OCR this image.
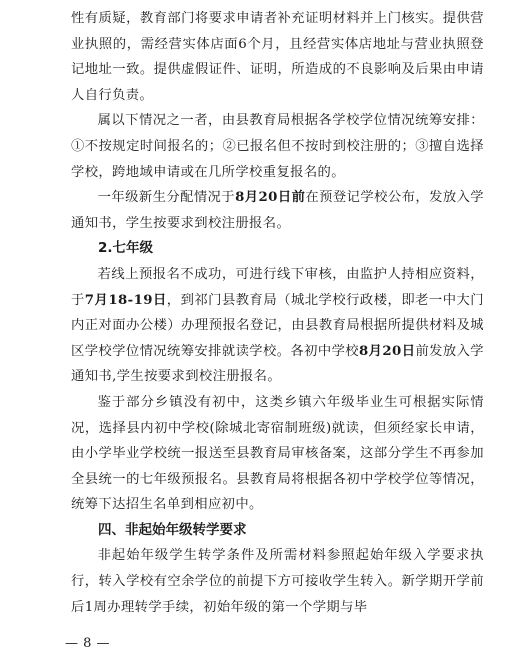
性有质疑，教育部门将要求申请者补充证明材料并上门核实。提供营业执照的，需经营实体店面6个月，且经营实体店地址与营业执照登记地址一致。提供虚假证件、证明，所造成的不良影响及后果由申请人自行负责。

属以下情况之一者，由县教育局根据各学校学位情况统筹安排：①不按规定时间报名的；②已报名但不按时到校注册的；③擅自选择学校，跨地域申请或在几所学校重复报名的。

一年级新生分配情况于8月20日前在预登记学校公布，发放入学通知书，学生按要求到校注册报名。

2.七年级

若线上预报名不成功，可进行线下审核，由监护人持相应资料，于7月18-19日，到祁门县教育局（城北学校行政楼，即老一中大门内正对面办公楼）办理预报名登记，由县教育局根据所提供材料及城区学校学位情况统筹安排就读学校。各初中学校8月20日前发放入学通知书,学生按要求到校注册报名。

鉴于部分乡镇没有初中，这类乡镇六年级毕业生可根据实际情况，选择县内初中学校(除城北寄宿制班级)就读，但须经家长申请，由小学毕业学校统一报送至县教育局审核备案，这部分学生不再参加全县统一的七年级预报名。县教育局将根据各初中学校学位等情况，统筹下达招生名单到相应初中。

四、非起始年级转学要求

非起始年级学生转学条件及所需材料参照起始年级入学要求执行，转入学校有空余学位的前提下方可接收学生转入。新学期开学前后1周办理转学手续，初始年级的第一个学期与毕

— 8 —
